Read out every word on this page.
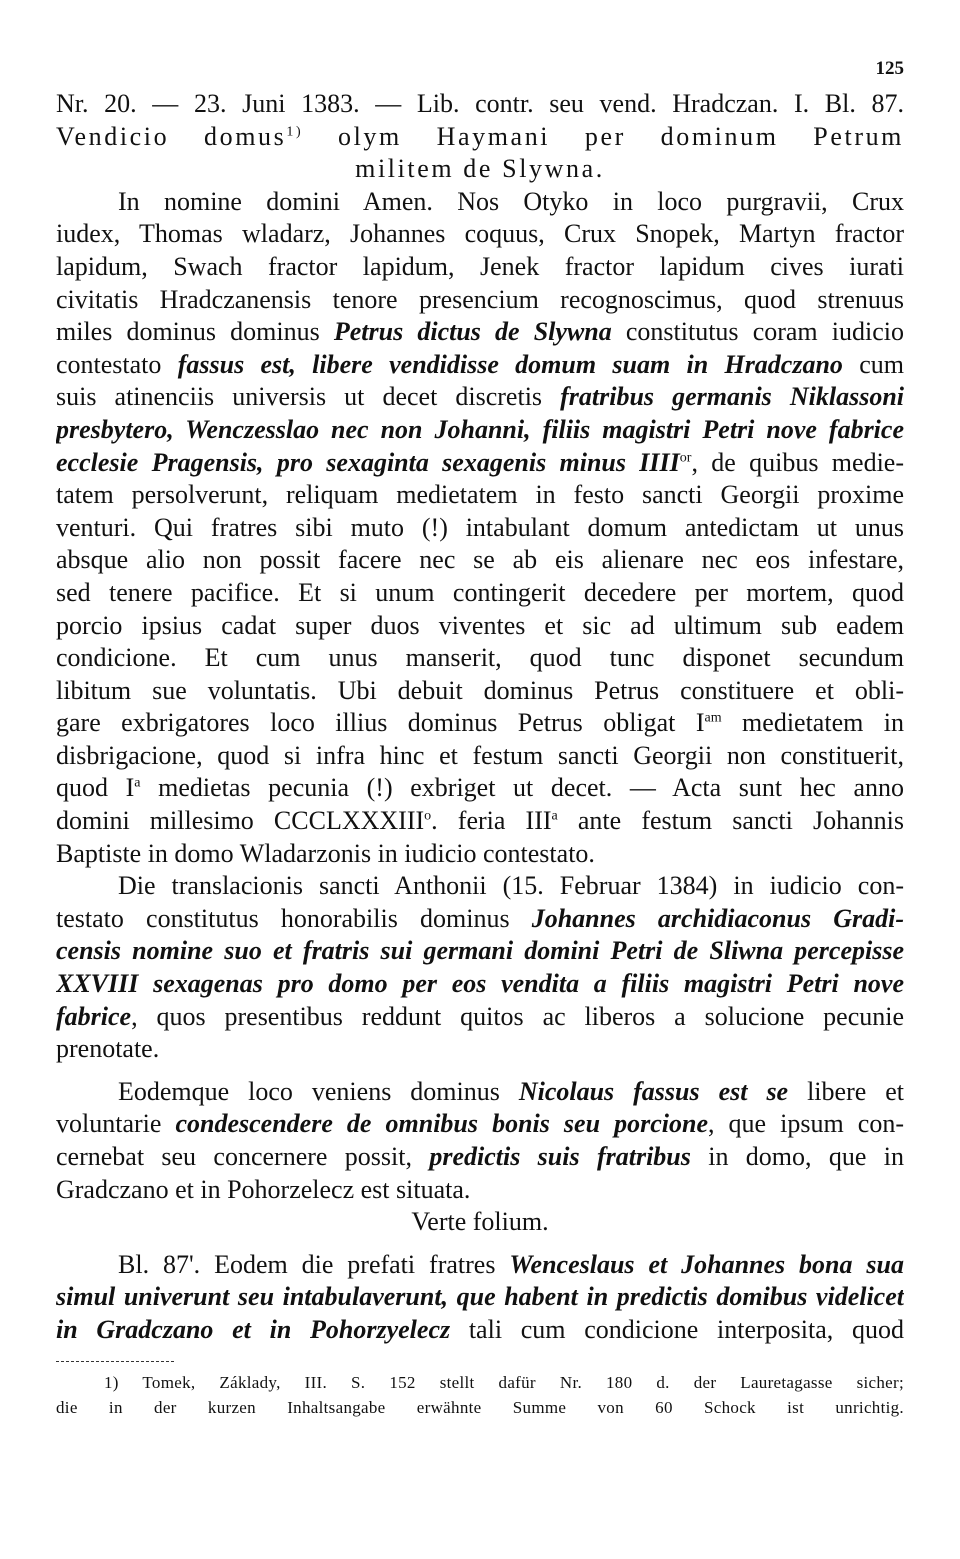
125
Nr. 20. — 23. Juni 1383. — Lib. contr. seu vend. Hradczan. I. Bl. 87.
Vendicio domus$^{1)}$ olym Haymani per dominum Petrum
militem de Slywna.
In nomine domini Amen. Nos Otyko in loco purgravii, Crux
iudex, Thomas wladarz, Johannes coquus, Crux Snopek, Martyn fractor
lapidum, Swach fractor lapidum, Jenek fractor lapidum cives iurati
civitatis Hradczanensis tenore presencium recognoscimus, quod strenuus
miles dominus dominus Petrus dictus de Slywna constitutus coram iudicio
contestato fassus est, libere vendidisse domum suam in Hradczano cum
suis atinenciis universis ut decet discretis fratribus germanis Niklassoni
presbytero, Wenczesslao nec non Johanni, filiis magistri Petri nove fabrice
ecclesie Pragensis, pro sexaginta sexagenis minus $IIII^{or}$, de quibus medie-
tatem persolverunt, reliquam medietatem in festo sancti Georgii proxime
venturi. Qui fratres sibi muto (!) intabulant domum antedictam ut unus
absque alio non possit facere nec se ab eis alienare nec eos infestare,
sed tenere pacifice. Et si unum contingerit decedere per mortem, quod
porcio ipsius cadat super duos viventes et sic ad ultimum sub eadem
condicione. Et cum unus manserit, quod tunc disponet secundum
libitum sue voluntatis. Ubi debuit dominus Petrus constituere et obli-
gare exbrigatores loco illius dominus Petrus obligat $I^{am}$ medietatem in
disbrigacione, quod si infra hinc et festum sancti Georgii non constituerit,
quod $I^a$ medietas pecunia (!) exbriget ut decet. — Acta sunt hec anno
domini millesimo CCCLXXXIII$^o$. feria III$^a$ ante festum sancti Johannis
Baptiste in domo Wladarzonis in iudicio contestato.
Die translacionis sancti Anthonii (15. Februar 1384) in iudicio con-
testato constitutus honorabilis dominus Johannes archidiaconus Gradi-
censis nomine suo et fratris sui germani domini Petri de Sliwna percepisse
XXVIII sexagenas pro domo per eos vendita a filiis magistri Petri nove
fabrice, quos presentibus reddunt quitos ac liberos a solucione pecunie
prenotate.
Eodemque loco veniens dominus Nicolaus fassus est se libere et
voluntarie condescendere de omnibus bonis seu porcione, que ipsum con-
cernebat seu concernere possit, predictis suis fratribus in domo, que in
Gradczano et in Pohorzelecz est situata.
Verte folium.
Bl. 87'. Eodem die prefati fratres Wenceslaus et Johannes bona sua
simul univerunt seu intabulaverunt, que habent in predictis domibus videlicet
in Gradczano et in Pohorzyelecz tali cum condicione interposita, quod
1) Tomek, Základy, III. S. 152 stellt dafür Nr. 180 d. der Lauretagasse sicher;
die in der kurzen Inhaltsangabe erwähnte Summe von 60 Schock ist unrichtig.
